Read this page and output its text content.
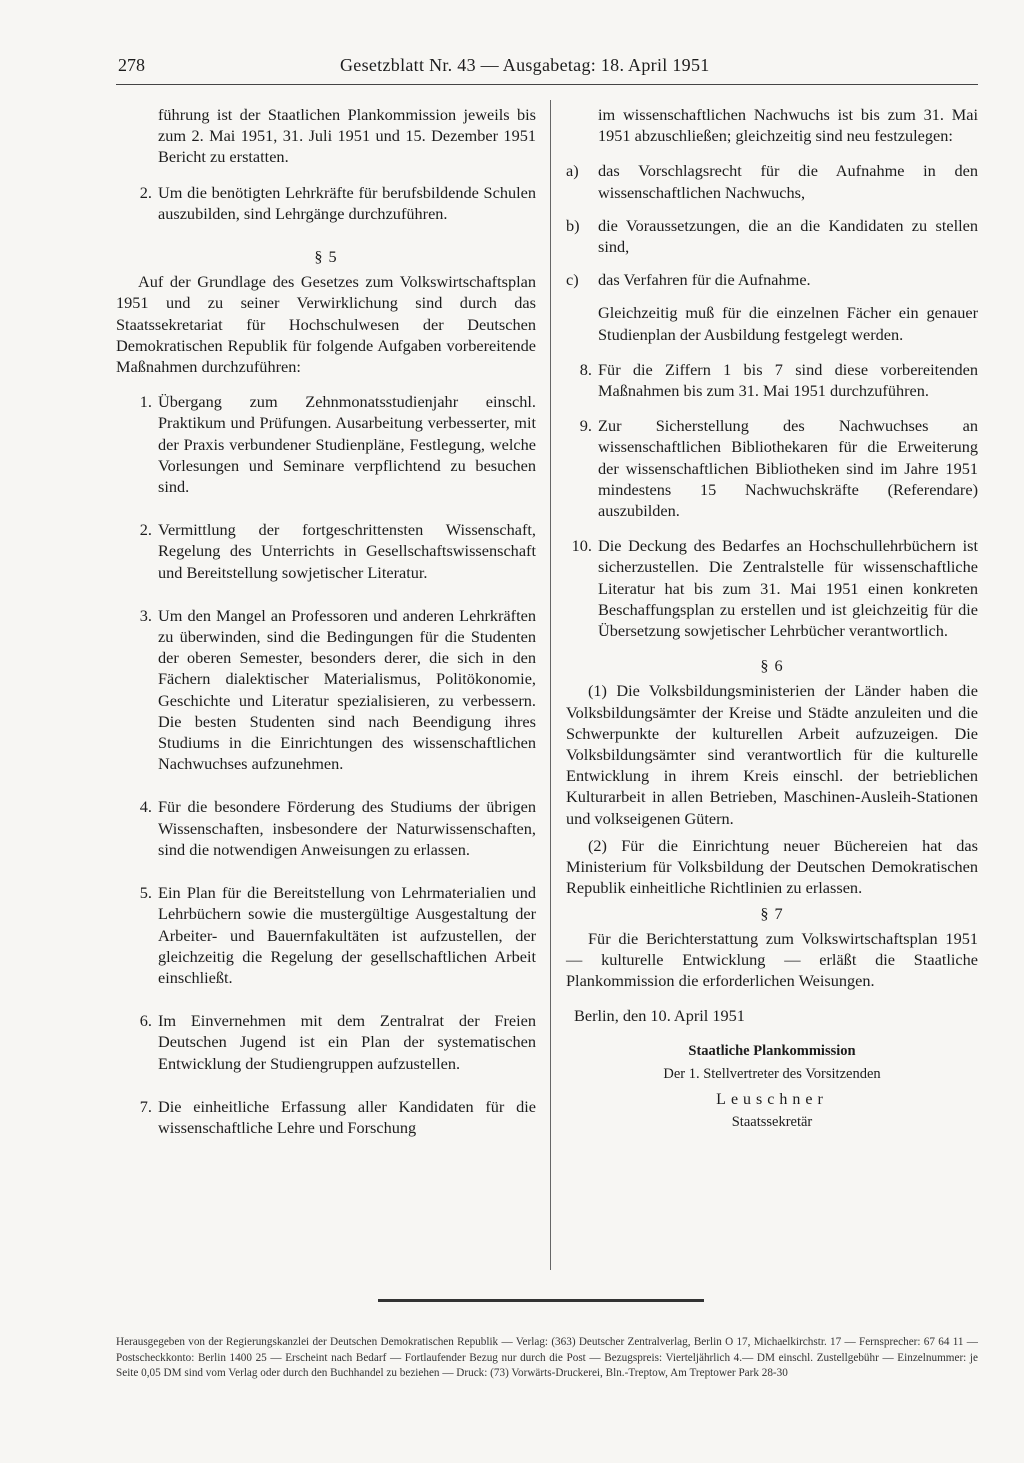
278	Gesetzblatt Nr. 43 — Ausgabetag: 18. April 1951

führung ist der Staatlichen Plankommission jeweils bis zum 2. Mai 1951, 31. Juli 1951 und 15. Dezember 1951 Bericht zu erstatten.

2. Um die benötigten Lehrkräfte für berufsbildende Schulen auszubilden, sind Lehrgänge durchzuführen.

§ 5

Auf der Grundlage des Gesetzes zum Volkswirtschaftsplan 1951 und zu seiner Verwirklichung sind durch das Staatssekretariat für Hochschulwesen der Deutschen Demokratischen Republik für folgende Aufgaben vorbereitende Maßnahmen durchzuführen:

1. Übergang zum Zehnmonatsstudienjahr einschl. Praktikum und Prüfungen. Ausarbeitung verbesserter, mit der Praxis verbundener Studienpläne, Festlegung, welche Vorlesungen und Seminare verpflichtend zu besuchen sind.
2. Vermittlung der fortgeschrittensten Wissenschaft, Regelung des Unterrichts in Gesellschaftswissenschaft und Bereitstellung sowjetischer Literatur.
3. Um den Mangel an Professoren und anderen Lehrkräften zu überwinden, sind die Bedingungen für die Studenten der oberen Semester, besonders derer, die sich in den Fächern dialektischer Materialismus, Politökonomie, Geschichte und Literatur spezialisieren, zu verbessern. Die besten Studenten sind nach Beendigung ihres Studiums in die Einrichtungen des wissenschaftlichen Nachwuchses aufzunehmen.
4. Für die besondere Förderung des Studiums der übrigen Wissenschaften, insbesondere der Naturwissenschaften, sind die notwendigen Anweisungen zu erlassen.
5. Ein Plan für die Bereitstellung von Lehrmaterialien und Lehrbüchern sowie die mustergültige Ausgestaltung der Arbeiter- und Bauernfakultäten ist aufzustellen, der gleichzeitig die Regelung der gesellschaftlichen Arbeit einschließt.
6. Im Einvernehmen mit dem Zentralrat der Freien Deutschen Jugend ist ein Plan der systematischen Entwicklung der Studiengruppen aufzustellen.
7. Die einheitliche Erfassung aller Kandidaten für die wissenschaftliche Lehre und Forschung

im wissenschaftlichen Nachwuchs ist bis zum 31. Mai 1951 abzuschließen; gleichzeitig sind neu festzulegen:

a)	das Vorschlagsrecht für die Aufnahme in den wissenschaftlichen Nachwuchs,
b)	die Voraussetzungen, die an die Kandidaten zu stellen sind,
c)	das Verfahren für die Aufnahme.

Gleichzeitig muß für die einzelnen Fächer ein genauer Studienplan der Ausbildung festgelegt werden.

8. Für die Ziffern 1 bis 7 sind diese vorbereitenden Maßnahmen bis zum 31. Mai 1951 durchzuführen.
9. Zur Sicherstellung des Nachwuchses an wissenschaftlichen Bibliothekaren für die Erweiterung der wissenschaftlichen Bibliotheken sind im Jahre 1951 mindestens 15 Nachwuchskräfte (Referendare) auszubilden.
10. Die Deckung des Bedarfes an Hochschullehrbüchern ist sicherzustellen. Die Zentralstelle für wissenschaftliche Literatur hat bis zum 31. Mai 1951 einen konkreten Beschaffungsplan zu erstellen und ist gleichzeitig für die Übersetzung sowjetischer Lehrbücher verantwortlich.

§ 6

(1) Die Volksbildungsministerien der Länder haben die Volksbildungsämter der Kreise und Städte anzuleiten und die Schwerpunkte der kulturellen Arbeit aufzuzeigen. Die Volksbildungsämter sind verantwortlich für die kulturelle Entwicklung in ihrem Kreis einschl. der betrieblichen Kulturarbeit in allen Betrieben, Maschinen-Ausleih-Stationen und volkseigenen Gütern.

(2) Für die Einrichtung neuer Büchereien hat das Ministerium für Volksbildung der Deutschen Demokratischen Republik einheitliche Richtlinien zu erlassen.

§ 7

Für die Berichterstattung zum Volkswirtschaftsplan 1951 — kulturelle Entwicklung — erläßt die Staatliche Plankommission die erforderlichen Weisungen.

Berlin, den 10. April 1951

Staatliche Plankommission
Der 1. Stellvertreter des Vorsitzenden
Leuschner
Staatssekretär
Herausgegeben von der Regierungskanzlei der Deutschen Demokratischen Republik — Verlag: (363) Deutscher Zentralverlag, Berlin O 17, Michaelkirchstr. 17 — Fernsprecher: 67 64 11 — Postscheckkonto: Berlin 1400 25 — Erscheint nach Bedarf — Fortlaufender Bezug nur durch die Post — Bezugspreis: Vierteljährlich 4.— DM einschl. Zustellgebühr — Einzelnummer: je Seite 0,05 DM sind vom Verlag oder durch den Buchhandel zu beziehen — Druck: (73) Vorwärts-Druckerei, Bln.-Treptow, Am Treptower Park 28-30
